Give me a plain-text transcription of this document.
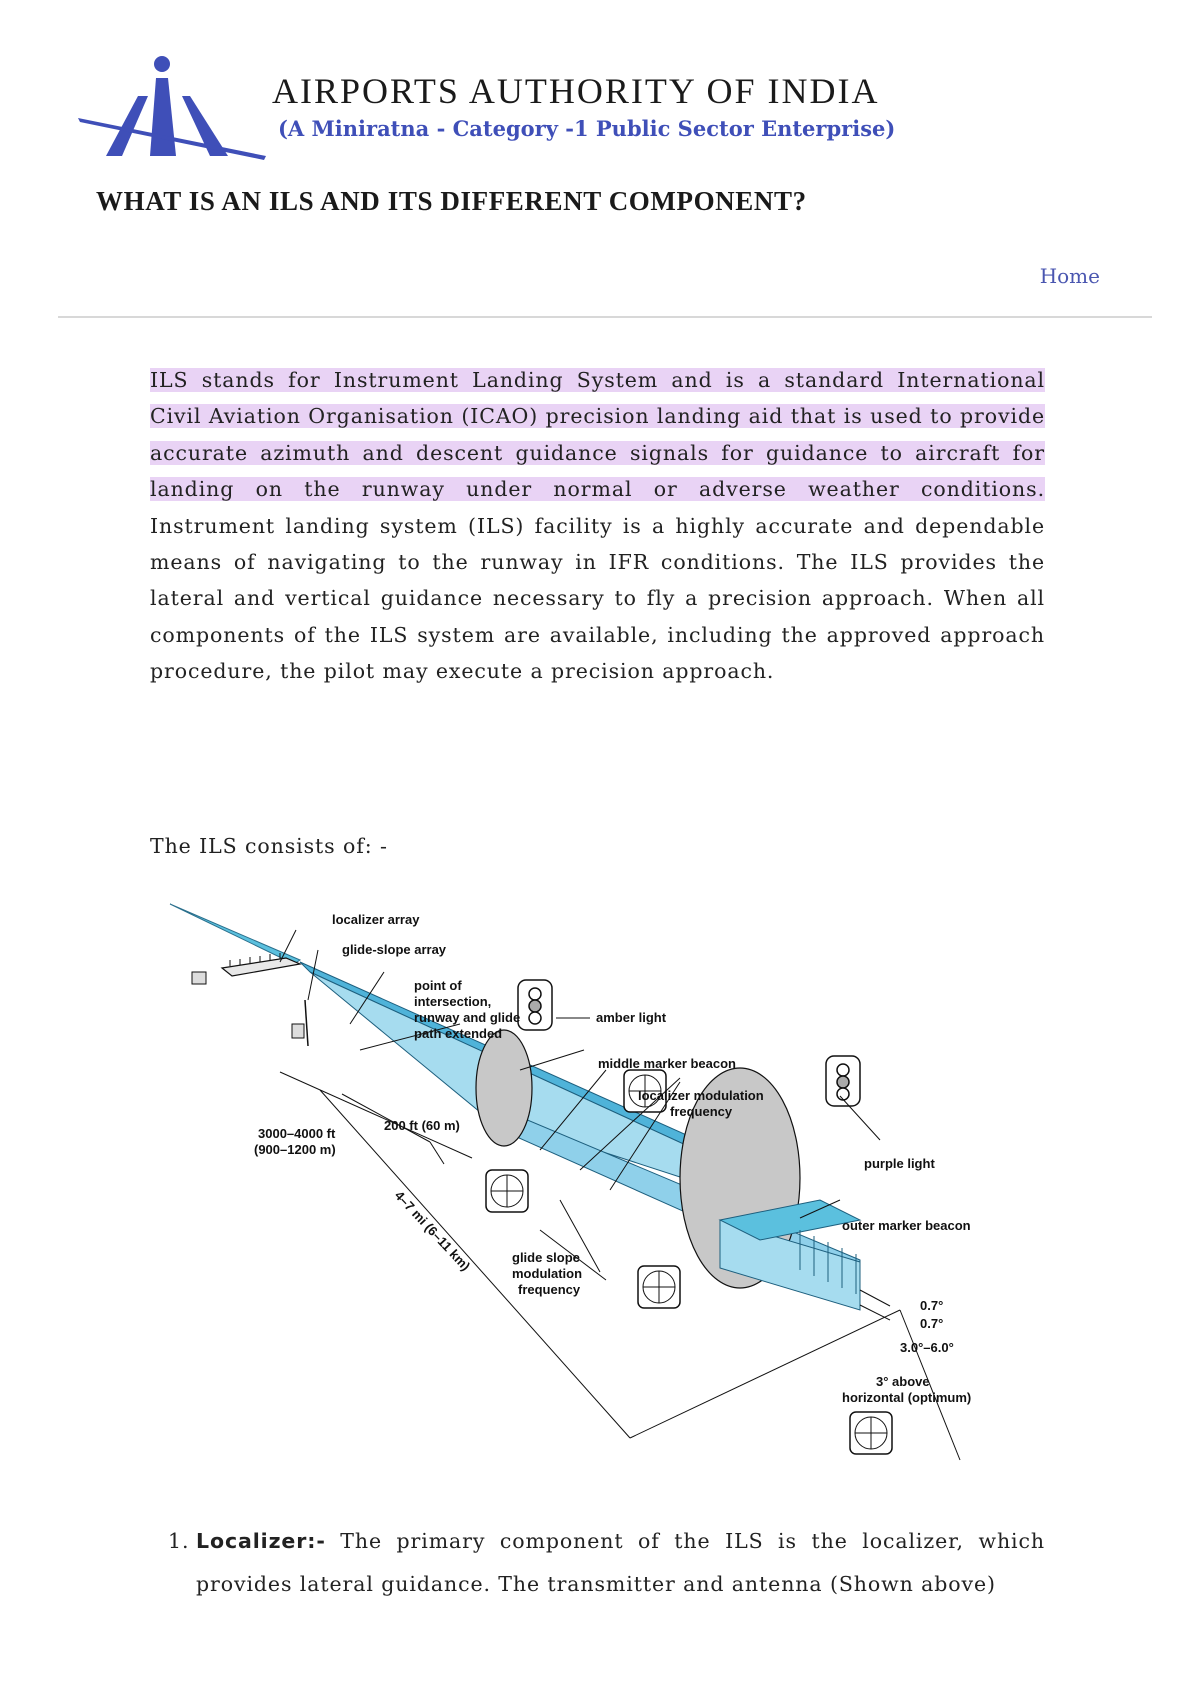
AIRPORTS AUTHORITY OF INDIA
(A Miniratna - Category -1 Public Sector Enterprise)
WHAT IS AN ILS AND ITS DIFFERENT COMPONENT?
Home

ILS stands for Instrument Landing System and is a standard International Civil Aviation Organisation (ICAO) precision landing aid that is used to provide accurate azimuth and descent guidance signals for guidance to aircraft for landing on the runway under normal or adverse weather conditions. Instrument landing system (ILS) facility is a highly accurate and dependable means of navigating to the runway in IFR conditions. The ILS provides the lateral and vertical guidance necessary to fly a precision approach. When all components of the ILS system are available, including the approved approach procedure, the pilot may execute a precision approach.

The ILS consists of: -
localizer array
glide-slope array
point of
intersection,
runway and glide
path extended
amber light
middle marker beacon
localizer modulation
frequency
purple light
3000–4000 ft
(900–1200 m)
200 ft (60 m)
4–7 mi (6–11 km)	outer marker beacon
glide slope
modulation
frequency
0.7°
0.7°
3.0°–6.0°
3° above
horizontal (optimum)
1. Localizer:- The primary component of the ILS is the localizer, which provides lateral guidance. The transmitter and antenna (Shown above)
